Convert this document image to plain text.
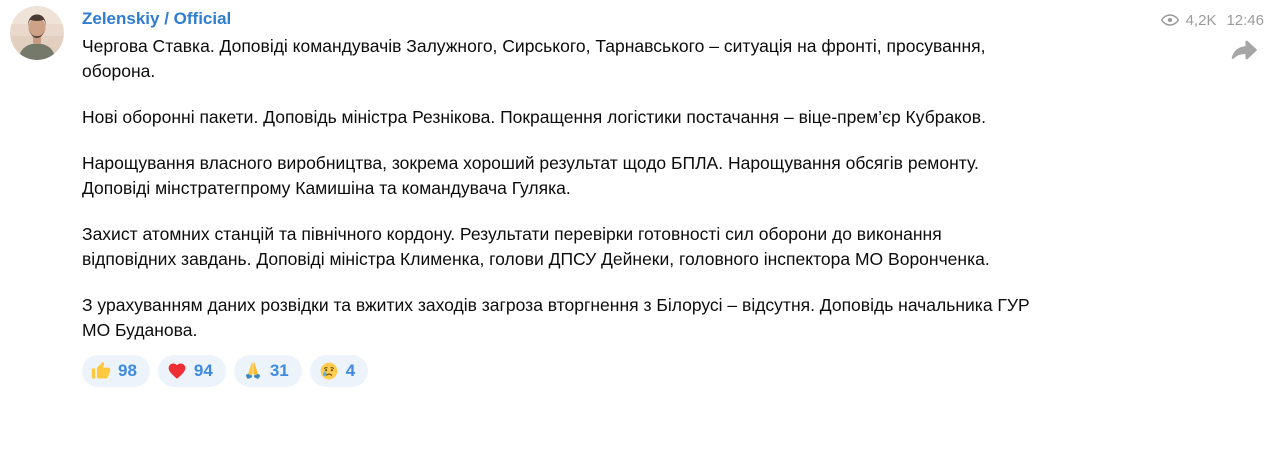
4,2K 12:46
Zelenskiy / Official

Чергова Ставка. Доповіді командувачів Залужного, Сирського, Тарнавського – ситуація на фронті, просування, оборона.

Нові оборонні пакети. Доповідь міністра Резнікова. Покращення логістики постачання – віце-прем’єр Кубраков.

Нарощування власного виробництва, зокрема хороший результат щодо БПЛА. Нарощування обсягів ремонту. Доповіді мінстратегпрому Камишіна та командувача Гуляка.

Захист атомних станцій та північного кордону. Результати перевірки готовності сил оборони до виконання відповідних завдань. Доповіді міністра Клименка, голови ДПСУ Дейнеки, головного інспектора МО Воронченка.

З урахуванням даних розвідки та вжитих заходів загроза вторгнення з Білорусі – відсутня. Доповідь начальника ГУР МО Буданова.

98	94	31	4
